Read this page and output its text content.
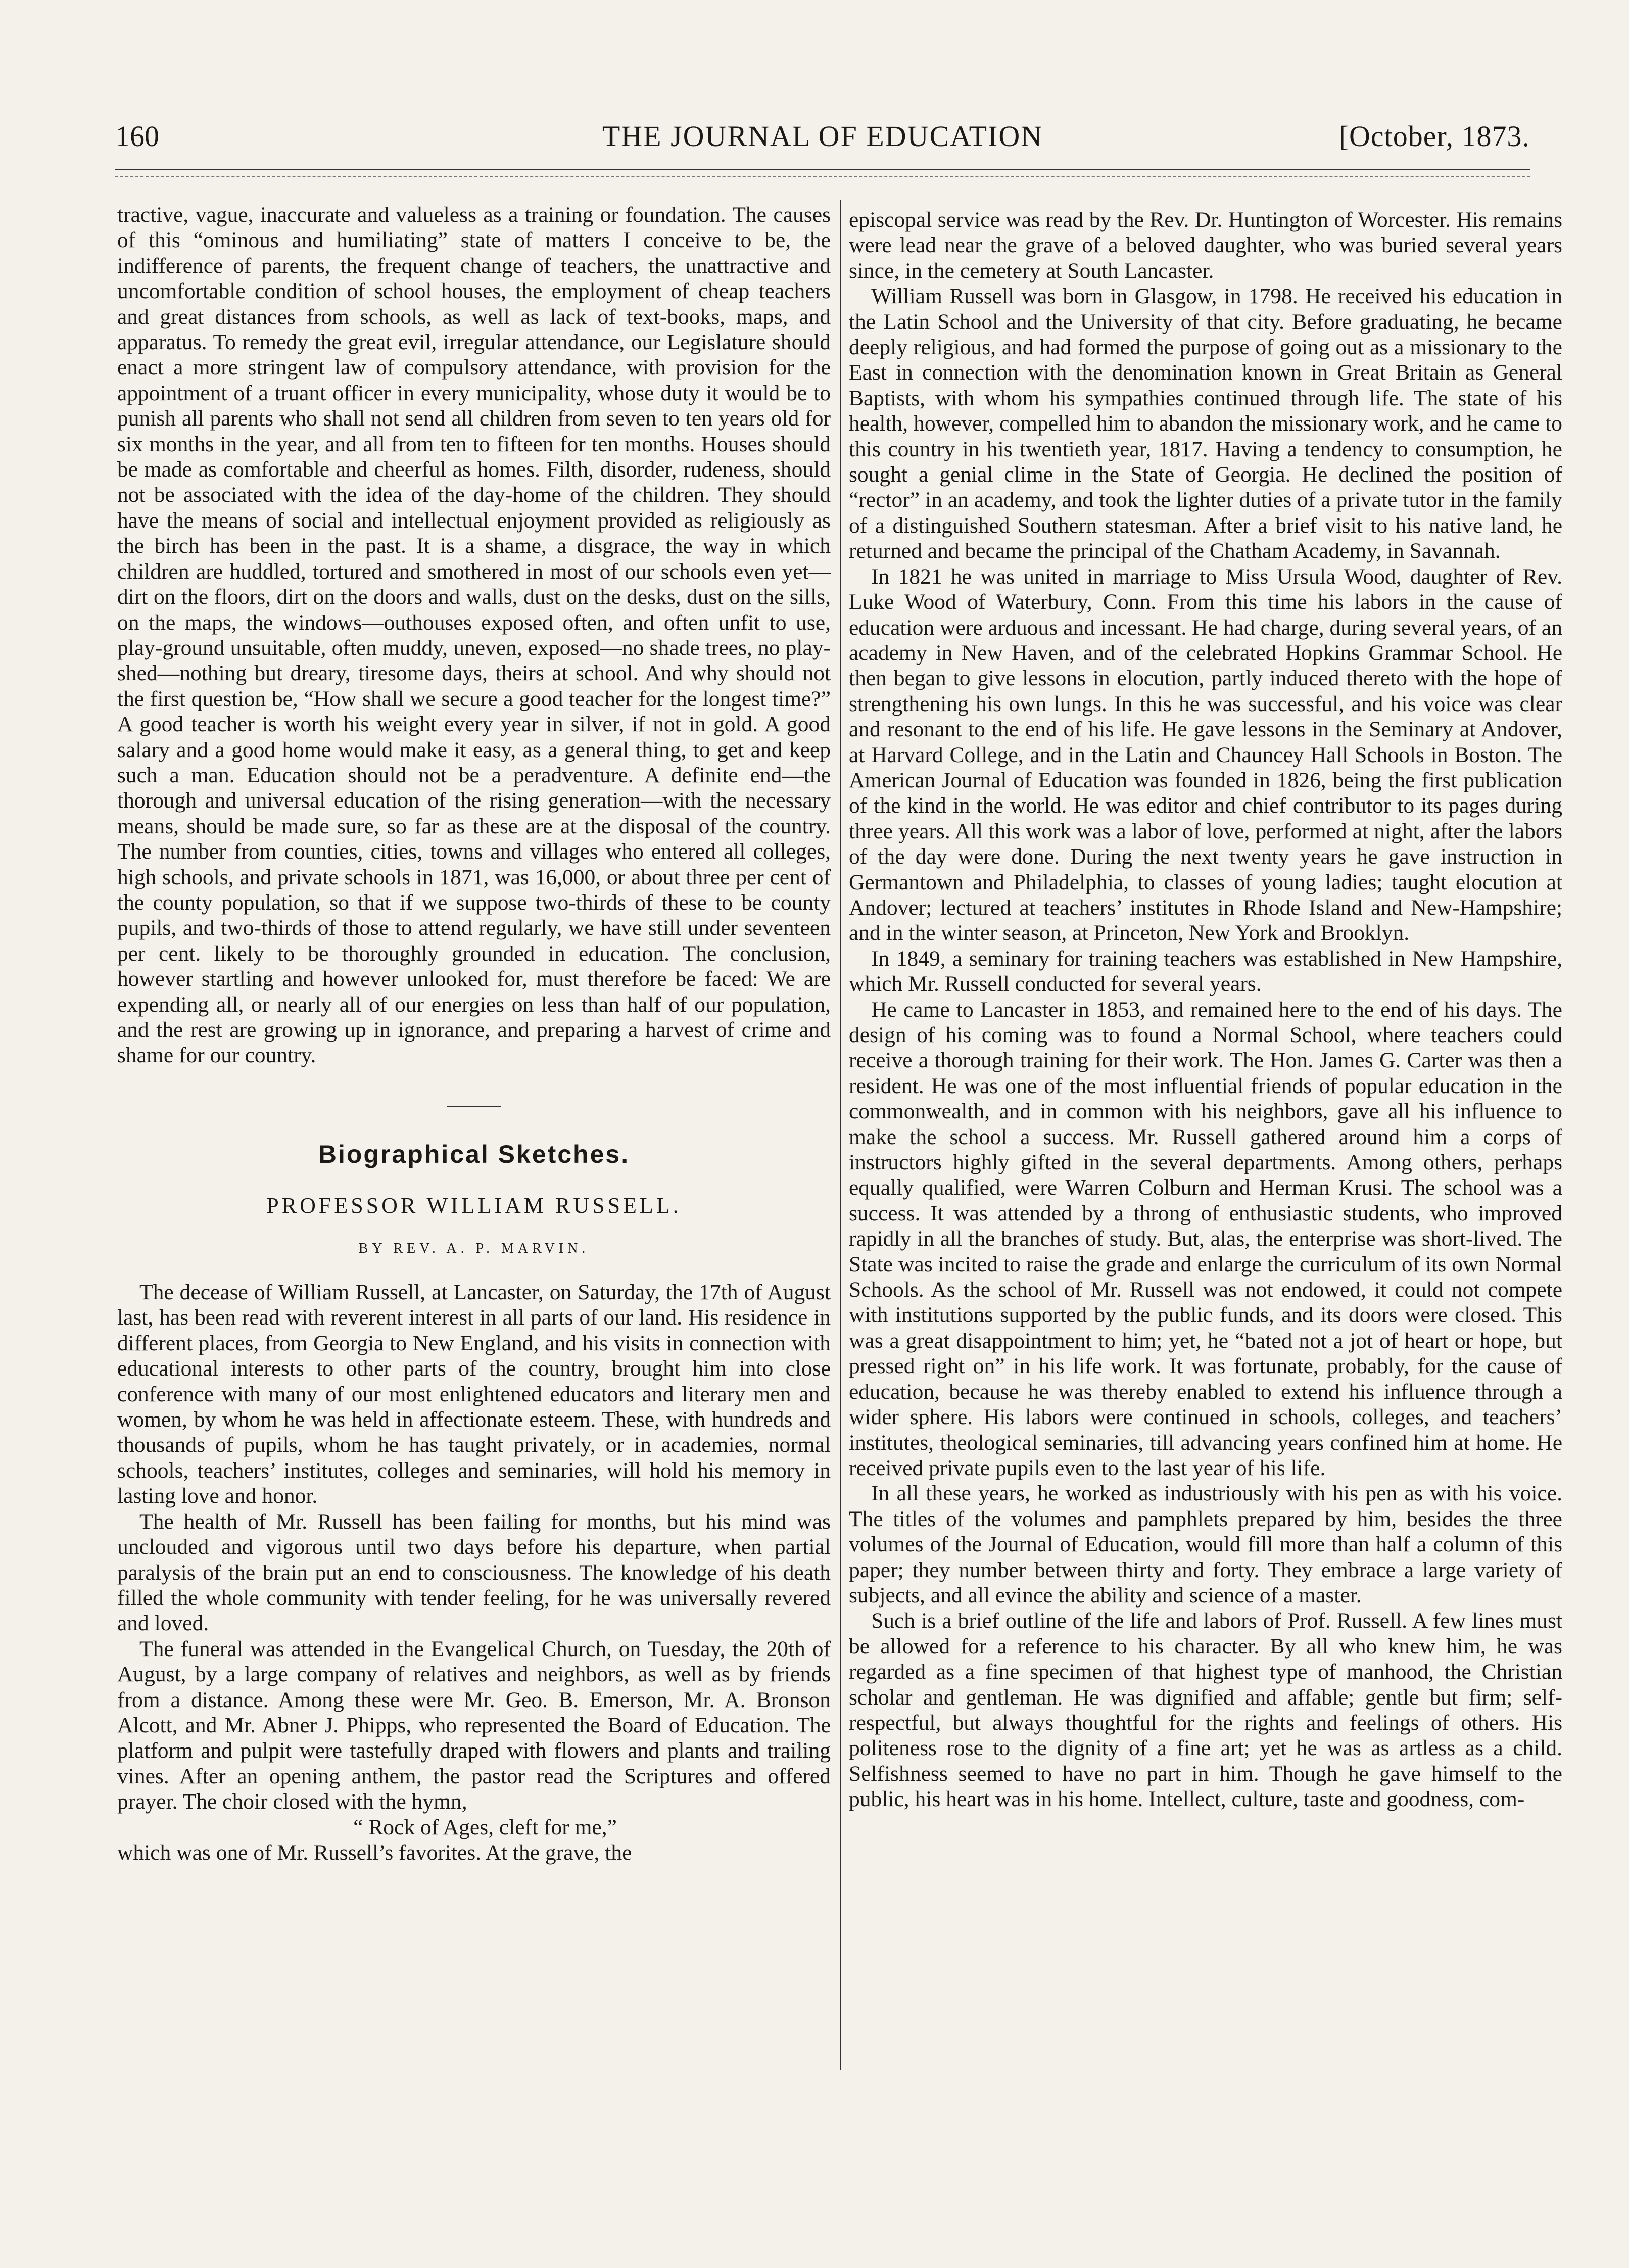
160	THE JOURNAL OF EDUCATION	[October, 1873.

tractive, vague, inaccurate and valueless as a training or foundation. The causes of this “ominous and humiliating” state of matters I conceive to be, the indifference of parents, the frequent change of teachers, the unattractive and uncomfortable condition of school houses, the employment of cheap teachers and great distances from schools, as well as lack of text-books, maps, and apparatus. To remedy the great evil, irregular attendance, our Legislature should enact a more stringent law of compulsory attendance, with provision for the appointment of a truant officer in every municipality, whose duty it would be to punish all parents who shall not send all children from seven to ten years old for six months in the year, and all from ten to fifteen for ten months. Houses should be made as comfortable and cheerful as homes. Filth, disorder, rudeness, should not be associated with the idea of the day-home of the children. They should have the means of social and intellectual enjoyment provided as religiously as the birch has been in the past. It is a shame, a disgrace, the way in which children are huddled, tortured and smothered in most of our schools even yet—dirt on the floors, dirt on the doors and walls, dust on the desks, dust on the sills, on the maps, the windows—outhouses exposed often, and often unfit to use, play-ground unsuitable, often muddy, uneven, exposed—no shade trees, no play-shed—nothing but dreary, tiresome days, theirs at school. And why should not the first question be, “How shall we secure a good teacher for the longest time?” A good teacher is worth his weight every year in silver, if not in gold. A good salary and a good home would make it easy, as a general thing, to get and keep such a man. Education should not be a peradventure. A definite end—the thorough and universal education of the rising generation—with the necessary means, should be made sure, so far as these are at the disposal of the country. The number from counties, cities, towns and villages who entered all colleges, high schools, and private schools in 1871, was 16,000, or about three per cent of the county population, so that if we suppose two-thirds of these to be county pupils, and two-thirds of those to attend regularly, we have still under seventeen per cent. likely to be thoroughly grounded in education. The conclusion, however startling and however unlooked for, must therefore be faced: We are expending all, or nearly all of our energies on less than half of our population, and the rest are growing up in ignorance, and preparing a harvest of crime and shame for our country.

Biographical Sketches.
PROFESSOR WILLIAM RUSSELL.
BY REV. A. P. MARVIN.

The decease of William Russell, at Lancaster, on Saturday, the 17th of August last, has been read with reverent interest in all parts of our land. His residence in different places, from Georgia to New England, and his visits in connection with educational interests to other parts of the country, brought him into close conference with many of our most enlightened educators and literary men and women, by whom he was held in affectionate esteem. These, with hundreds and thousands of pupils, whom he has taught privately, or in academies, normal schools, teachers’ institutes, colleges and seminaries, will hold his memory in lasting love and honor.

The health of Mr. Russell has been failing for months, but his mind was unclouded and vigorous until two days before his departure, when partial paralysis of the brain put an end to consciousness. The knowledge of his death filled the whole community with tender feeling, for he was universally revered and loved.

The funeral was attended in the Evangelical Church, on Tuesday, the 20th of August, by a large company of relatives and neighbors, as well as by friends from a distance. Among these were Mr. Geo. B. Emerson, Mr. A. Bronson Alcott, and Mr. Abner J. Phipps, who represented the Board of Education. The platform and pulpit were tastefully draped with flowers and plants and trailing vines. After an opening anthem, the pastor read the Scriptures and offered prayer. The choir closed with the hymn,

“ Rock of Ages, cleft for me,”

which was one of Mr. Russell’s favorites. At the grave, the

episcopal service was read by the Rev. Dr. Huntington of Worcester. His remains were lead near the grave of a beloved daughter, who was buried several years since, in the cemetery at South Lancaster.

William Russell was born in Glasgow, in 1798. He received his education in the Latin School and the University of that city. Before graduating, he became deeply religious, and had formed the purpose of going out as a missionary to the East in connection with the denomination known in Great Britain as General Baptists, with whom his sympathies continued through life. The state of his health, however, compelled him to abandon the missionary work, and he came to this country in his twentieth year, 1817. Having a tendency to consumption, he sought a genial clime in the State of Georgia. He declined the position of “rector” in an academy, and took the lighter duties of a private tutor in the family of a distinguished Southern statesman. After a brief visit to his native land, he returned and became the principal of the Chatham Academy, in Savannah.

In 1821 he was united in marriage to Miss Ursula Wood, daughter of Rev. Luke Wood of Waterbury, Conn. From this time his labors in the cause of education were arduous and incessant. He had charge, during several years, of an academy in New Haven, and of the celebrated Hopkins Grammar School. He then began to give lessons in elocution, partly induced thereto with the hope of strengthening his own lungs. In this he was successful, and his voice was clear and resonant to the end of his life. He gave lessons in the Seminary at Andover, at Harvard College, and in the Latin and Chauncey Hall Schools in Boston. The American Journal of Education was founded in 1826, being the first publication of the kind in the world. He was editor and chief contributor to its pages during three years. All this work was a labor of love, performed at night, after the labors of the day were done. During the next twenty years he gave instruction in Germantown and Philadelphia, to classes of young ladies; taught elocution at Andover; lectured at teachers’ institutes in Rhode Island and New-Hampshire; and in the winter season, at Princeton, New York and Brooklyn.

In 1849, a seminary for training teachers was established in New Hampshire, which Mr. Russell conducted for several years.

He came to Lancaster in 1853, and remained here to the end of his days. The design of his coming was to found a Normal School, where teachers could receive a thorough training for their work. The Hon. James G. Carter was then a resident. He was one of the most influential friends of popular education in the commonwealth, and in common with his neighbors, gave all his influence to make the school a success. Mr. Russell gathered around him a corps of instructors highly gifted in the several departments. Among others, perhaps equally qualified, were Warren Colburn and Herman Krusi. The school was a success. It was attended by a throng of enthusiastic students, who improved rapidly in all the branches of study. But, alas, the enterprise was short-lived. The State was incited to raise the grade and enlarge the curriculum of its own Normal Schools. As the school of Mr. Russell was not endowed, it could not compete with institutions supported by the public funds, and its doors were closed. This was a great disappointment to him; yet, he “bated not a jot of heart or hope, but pressed right on” in his life work. It was fortunate, probably, for the cause of education, because he was thereby enabled to extend his influence through a wider sphere. His labors were continued in schools, colleges, and teachers’ institutes, theological seminaries, till advancing years confined him at home. He received private pupils even to the last year of his life.

In all these years, he worked as industriously with his pen as with his voice. The titles of the volumes and pamphlets prepared by him, besides the three volumes of the Journal of Education, would fill more than half a column of this paper; they number between thirty and forty. They embrace a large variety of subjects, and all evince the ability and science of a master.

Such is a brief outline of the life and labors of Prof. Russell. A few lines must be allowed for a reference to his character. By all who knew him, he was regarded as a fine specimen of that highest type of manhood, the Christian scholar and gentleman. He was dignified and affable; gentle but firm; self-respectful, but always thoughtful for the rights and feelings of others. His politeness rose to the dignity of a fine art; yet he was as artless as a child. Selfishness seemed to have no part in him. Though he gave himself to the public, his heart was in his home. Intellect, culture, taste and goodness, com-
